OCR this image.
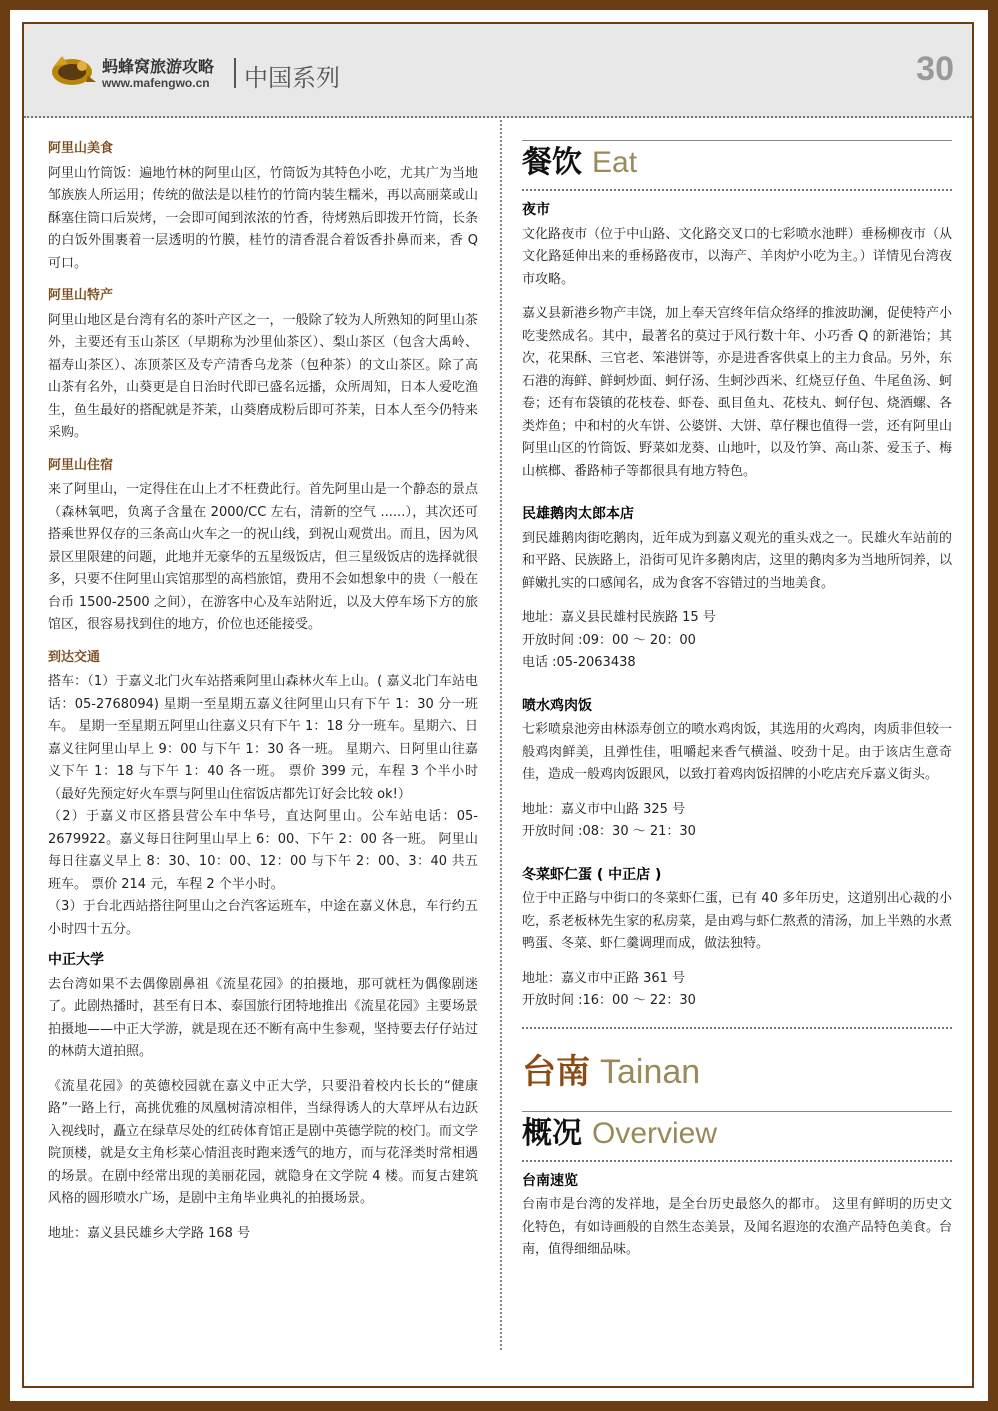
蚂蜂窝旅游攻略
www.mafengwo.cn 中国系列	30
阿里山美食

阿里山竹筒饭：遍地竹林的阿里山区，竹筒饭为其特色小吃，尤其广为当地邹族族人所运用；传统的做法是以桂竹的竹筒内装生糯米，再以高丽菜或山酥塞住筒口后炭烤，一会即可闻到浓浓的竹香，待烤熟后即拨开竹筒，长条的白饭外围裹着一层透明的竹膜，桂竹的清香混合着饭香扑鼻而来，香 Q 可口。

阿里山特产

阿里山地区是台湾有名的茶叶产区之一，一般除了较为人所熟知的阿里山茶外，主要还有玉山茶区（早期称为沙里仙茶区）、梨山茶区（包含大禹岭、福寿山茶区）、冻顶茶区及专产清香乌龙茶（包种茶）的文山茶区。除了高山茶有名外，山葵更是自日治时代即已盛名远播，众所周知，日本人爱吃渔生，鱼生最好的搭配就是芥茉，山葵磨成粉后即可芥茉，日本人至今仍特来采购。

阿里山住宿

来了阿里山，一定得住在山上才不枉费此行。首先阿里山是一个静态的景点（森林氧吧，负离子含量在 2000/CC 左右，清新的空气 ......），其次还可搭乘世界仅存的三条高山火车之一的祝山线，到祝山观赏出。而且，因为风景区里限建的问题，此地并无豪华的五星级饭店，但三星级饭店的选择就很多，只要不住阿里山宾馆那型的高档旅馆，费用不会如想象中的贵（一般在台币 1500-2500 之间），在游客中心及车站附近，以及大停车场下方的旅馆区，很容易找到住的地方，价位也还能接受。

到达交通

搭车：（1）于嘉义北门火车站搭乘阿里山森林火车上山。( 嘉义北门车站电话：05-2768094) 星期一至星期五嘉义往阿里山只有下午 1：30 分一班车。 星期一至星期五阿里山往嘉义只有下午 1：18 分一班车。星期六、日嘉义往阿里山早上 9：00 与下午 1：30 各一班。 星期六、日阿里山往嘉义下午 1：18 与下午 1：40 各一班。 票价 399 元，车程 3 个半小时（最好先预定好火车票与阿里山住宿饭店都先订好会比较 ok!）

（2）于嘉义市区搭县营公车中华号，直达阿里山。公车站电话：05-2679922。嘉义每日往阿里山早上 6：00、下午 2：00 各一班。 阿里山每日往嘉义早上 8：30、10：00、12：00 与下午 2：00、3：40 共五班车。 票价 214 元，车程 2 个半小时。

（3）于台北西站搭往阿里山之台汽客运班车，中途在嘉义休息，车行约五小时四十五分。

中正大学

去台湾如果不去偶像剧鼻祖《流星花园》的拍摄地，那可就枉为偶像剧迷了。此剧热播时，甚至有日本、泰国旅行团特地推出《流星花园》主要场景拍摄地——中正大学游，就是现在还不断有高中生参观，坚持要去仔仔站过的林荫大道拍照。

《流星花园》的英德校园就在嘉义中正大学，只要沿着校内长长的“健康路”一路上行，高挑优雅的凤凰树清凉相伴，当绿得诱人的大草坪从右边跃入视线时，矗立在绿草尽处的红砖体育馆正是剧中英德学院的校门。而文学院顶楼，就是女主角杉菜心情沮丧时跑来透气的地方，而与花泽类时常相遇的场景。在剧中经常出现的美丽花园，就隐身在文学院 4 楼。而复古建筑风格的圆形喷水广场，是剧中主角毕业典礼的拍摄场景。

地址：嘉义县民雄乡大学路 168 号

餐饮 Eat
夜市

文化路夜市（位于中山路、文化路交叉口的七彩喷水池畔）垂杨柳夜市（从文化路延伸出来的垂杨路夜市，以海产、羊肉炉小吃为主。）详情见台湾夜市攻略。

嘉义县新港乡物产丰饶，加上奉天宫终年信众络绎的推波助澜，促使特产小吃斐然成名。其中，最著名的莫过于风行数十年、小巧香 Q 的新港饴；其次，花果酥、三官老、笨港饼等，亦是进香客供桌上的主力食品。另外，东石港的海鲜、鲜蚵炒面、蚵仔汤、生蚵沙西米、红烧豆仔鱼、牛尾鱼汤、蚵卷；还有布袋镇的花枝卷、虾卷、虱目鱼丸、花枝丸、蚵仔包、烧酒螺、各类炸鱼；中和村的火车饼、公婆饼、大饼、草仔粿也值得一尝，还有阿里山阿里山区的竹筒饭、野菜如龙葵、山地叶，以及竹笋、高山茶、爱玉子、梅山槟榔、番路柿子等都很具有地方特色。

民雄鹅肉太郎本店

到民雄鹅肉街吃鹅肉，近年成为到嘉义观光的重头戏之一。民雄火车站前的和平路、民族路上，沿街可见许多鹅肉店，这里的鹅肉多为当地所饲养，以鲜嫩扎实的口感闻名，成为食客不容错过的当地美食。

地址：嘉义县民雄村民族路 15 号

开放时间 :09：00 ～ 20：00

电话 :05-2063438

喷水鸡肉饭

七彩喷泉池旁由林添寿创立的喷水鸡肉饭，其选用的火鸡肉，肉质非但较一般鸡肉鲜美，且弹性佳，咀嚼起来香气横溢、咬劲十足。由于该店生意奇佳，造成一般鸡肉饭跟风，以致打着鸡肉饭招牌的小吃店充斥嘉义街头。

地址：嘉义市中山路 325 号

开放时间 :08：30 ～ 21：30

冬菜虾仁蛋 ( 中正店 )

位于中正路与中街口的冬菜虾仁蛋，已有 40 多年历史，这道别出心裁的小吃，系老板林先生家的私房菜，是由鸡与虾仁熬煮的清汤，加上半熟的水煮鸭蛋、冬菜、虾仁羹调理而成，做法独特。

地址：嘉义市中正路 361 号

开放时间 :16：00 ～ 22：30

台南 Tainan
概况 Overview
台南速览

台南市是台湾的发祥地，是全台历史最悠久的都市。 这里有鲜明的历史文化特色，有如诗画般的自然生态美景，及闻名遐迩的农渔产品特色美食。台南，值得细细品味。
